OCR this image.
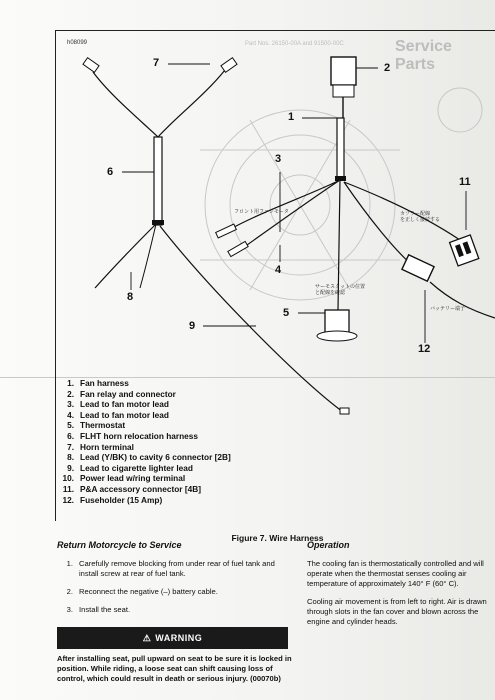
h08099	Service Parts
Part Nos. 26150-00A and 91500-00C
7	2
1
3
6
11
4
8
5
9
12
フロント用ファンモータ
サーモスタットの位置
と配線を確認
バッテリー端子
カプラー配線
を正しく接続する
1. Fan harness
2. Fan relay and connector
3. Lead to fan motor lead
4. Lead to fan motor lead
5. Thermostat
6. FLHT horn relocation harness
7. Horn terminal
8. Lead (Y/BK) to cavity 6 connector [2B]
9. Lead to cigarette lighter lead
10. Power lead w/ring terminal
11. P&A accessory connector [4B]
12. Fuseholder (15 Amp)
Figure 7. Wire Harness
Return Motorcycle to Service
1. Carefully remove blocking from under rear of fuel tank and install screw at rear of fuel tank.
2. Reconnect the negative (–) battery cable.
3. Install the seat.
⚠ WARNING
After installing seat, pull upward on seat to be sure it is locked in position. While riding, a loose seat can shift causing loss of control, which could result in death or serious injury. (00070b)
Operation

The cooling fan is thermostatically controlled and will operate when the thermostat senses cooling air temperature of approximately 140° F (60° C).

Cooling air movement is from left to right. Air is drawn through slots in the fan cover and blown across the engine and cylinder heads.
